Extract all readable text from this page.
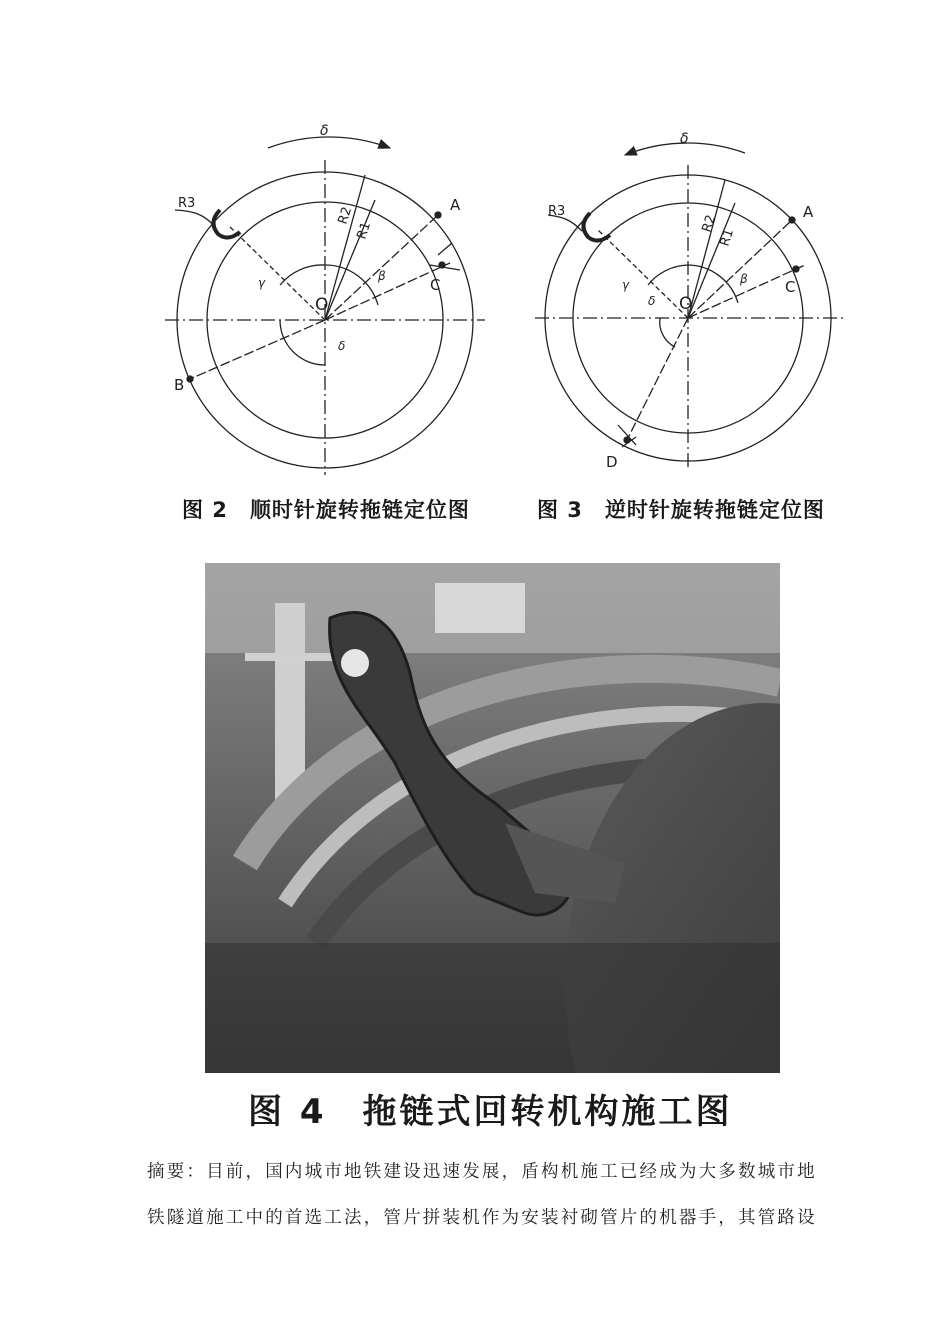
δ
R3
R2
R1
A
C
B
O
β
γ
δ
δ
R3
R2
R1
A
C
D
O
β
γ
δ
图 2 顺时针旋转拖链定位图	图 3 逆时针旋转拖链定位图
图 4 拖链式回转机构施工图
摘要：目前，国内城市地铁建设迅速发展，盾构机施工已经成为大多数城市地
铁隧道施工中的首选工法，管片拼装机作为安装衬砌管片的机器手，其管路设
